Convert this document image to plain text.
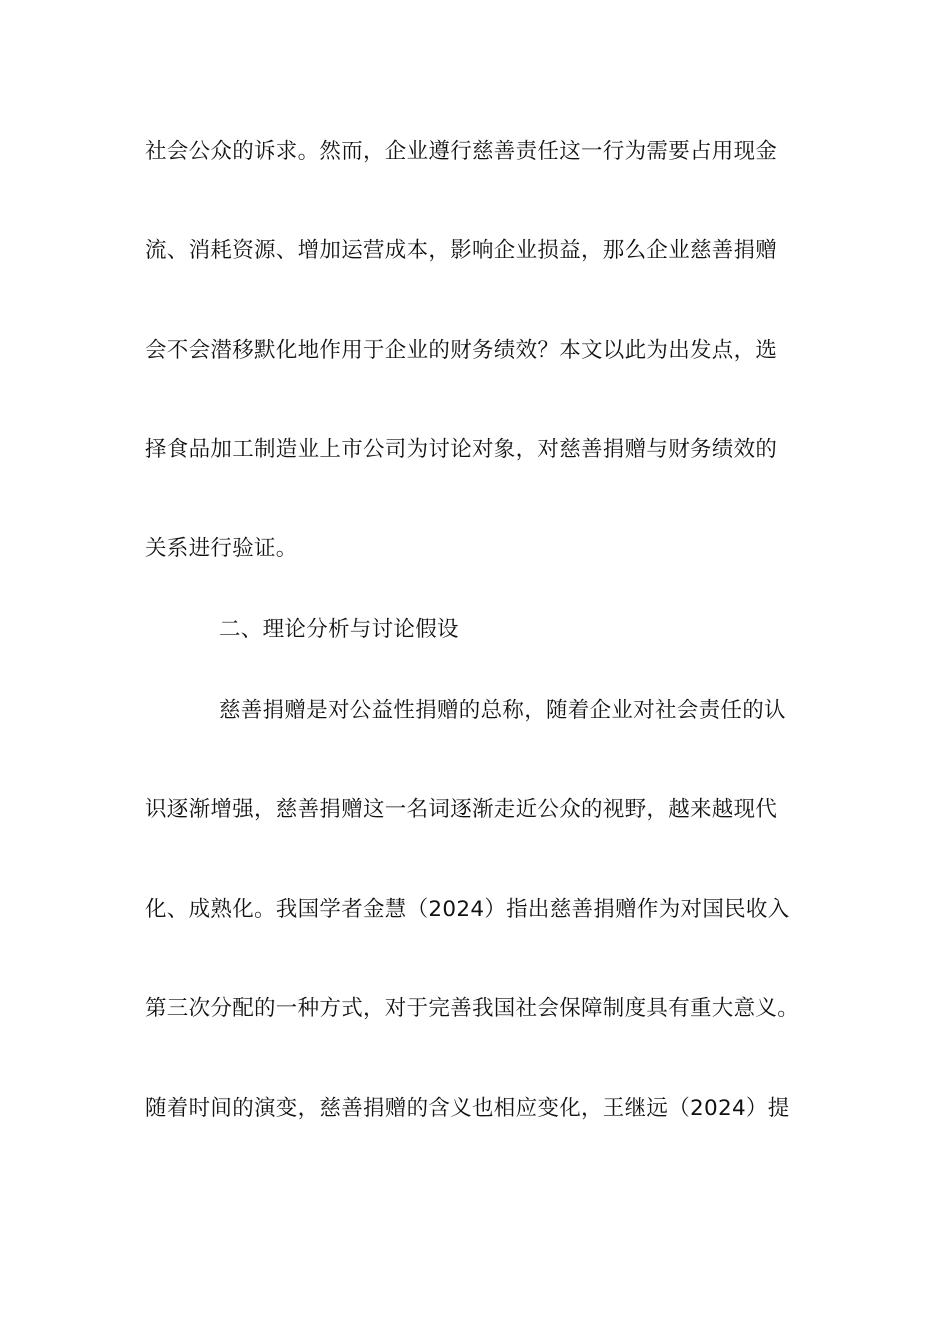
社会公众的诉求。然而，企业遵行慈善责任这一行为需要占用现金
流、消耗资源、增加运营成本，影响企业损益，那么企业慈善捐赠
会不会潜移默化地作用于企业的财务绩效？本文以此为出发点，选
择食品加工制造业上市公司为讨论对象，对慈善捐赠与财务绩效的
关系进行验证。
二、理论分析与讨论假设
慈善捐赠是对公益性捐赠的总称，随着企业对社会责任的认
识逐渐增强，慈善捐赠这一名词逐渐走近公众的视野，越来越现代
化、成熟化。我国学者金慧（2024）指出慈善捐赠作为对国民收入
第三次分配的一种方式，对于完善我国社会保障制度具有重大意义。
随着时间的演变，慈善捐赠的含义也相应变化，王继远（2024）提
